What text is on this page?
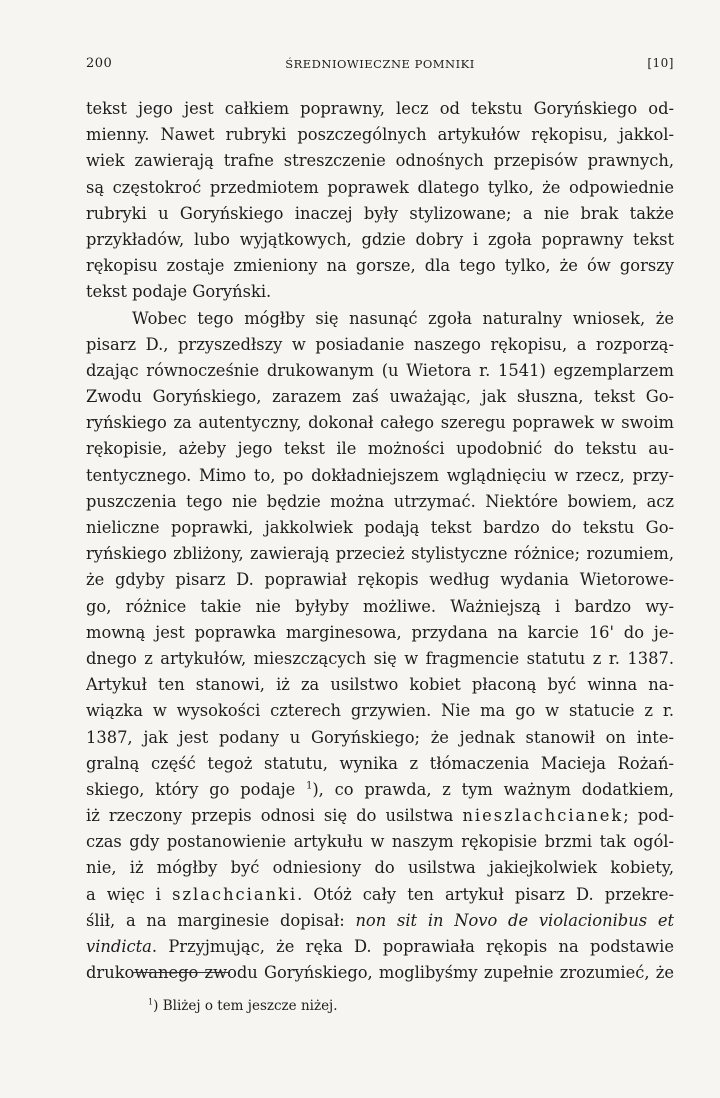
200	ŚREDNIOWIECZNE POMNIKI	[10]
tekst jego jest całkiem poprawny, lecz od tekstu Goryńskiego od-
mienny. Nawet rubryki poszczególnych artykułów rękopisu, jakkol-
wiek zawierają trafne streszczenie odnośnych przepisów prawnych,
są częstokroć przedmiotem poprawek dlatego tylko, że odpowiednie
rubryki u Goryńskiego inaczej były stylizowane; a nie brak także
przykładów, lubo wyjątkowych, gdzie dobry i zgoła poprawny tekst
rękopisu zostaje zmieniony na gorsze, dla tego tylko, że ów gorszy
tekst podaje Goryński.
Wobec tego mógłby się nasunąć zgoła naturalny wniosek, że
pisarz D., przyszedłszy w posiadanie naszego rękopisu, a rozporzą-
dzając równocześnie drukowanym (u Wietora r. 1541) egzemplarzem
Zwodu Goryńskiego, zarazem zaś uważając, jak słuszna, tekst Go-
ryńskiego za autentyczny, dokonał całego szeregu poprawek w swoim
rękopisie, ażeby jego tekst ile możności upodobnić do tekstu au-
tentycznego. Mimo to, po dokładniejszem wglądnięciu w rzecz, przy-
puszczenia tego nie będzie można utrzymać. Niektóre bowiem, acz
nieliczne poprawki, jakkolwiek podają tekst bardzo do tekstu Go-
ryńskiego zbliżony, zawierają przecież stylistyczne różnice; rozumiem,
że gdyby pisarz D. poprawiał rękopis według wydania Wietorowe-
go, różnice takie nie byłyby możliwe. Ważniejszą i bardzo wy-
mowną jest poprawka marginesowa, przydana na karcie 16' do je-
dnego z artykułów, mieszczących się w fragmencie statutu z r. 1387.
Artykuł ten stanowi, iż za usilstwo kobiet płaconą być winna na-
wiązka w wysokości czterech grzywien. Nie ma go w statucie z r.
1387, jak jest podany u Goryńskiego; że jednak stanowił on inte-
gralną część tegoż statutu, wynika z tłómaczenia Macieja Rożań-
skiego, który go podaje $^1$), co prawda, z tym ważnym dodatkiem,
iż rzeczony przepis odnosi się do usilstwa nieszlachcianek; pod-
czas gdy postanowienie artykułu w naszym rękopisie brzmi tak ogól-
nie, iż mógłby być odniesiony do usilstwa jakiejkolwiek kobiety,
a więc i szlachcianki. Otóż cały ten artykuł pisarz D. przekre-
ślił, a na marginesie dopisał: non sit in Novo de violacionibus et
vindicta. Przyjmując, że ręka D. poprawiała rękopis na podstawie
drukowanego zwodu Goryńskiego, moglibyśmy zupełnie zrozumieć, że
$^1$) Bliżej o tem jeszcze niżej.
